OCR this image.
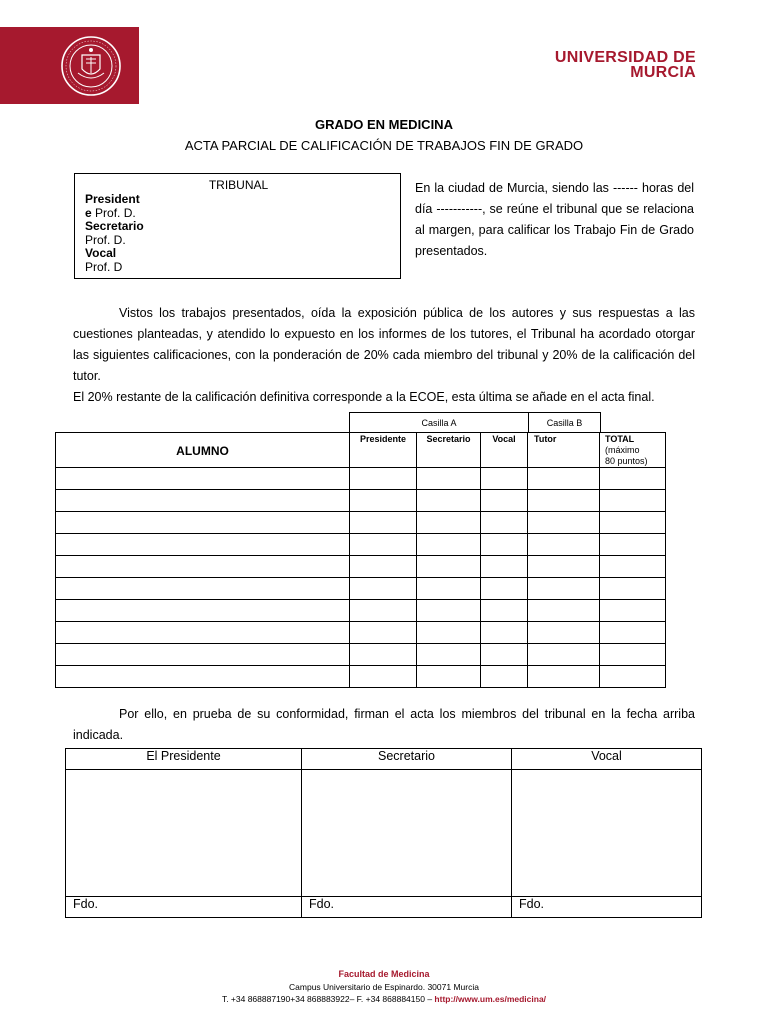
UNIVERSIDAD DE
MURCIA
GRADO EN MEDICINA
ACTA PARCIAL DE CALIFICACIÓN DE TRABAJOS FIN DE GRADO
TRIBUNAL
President
e Prof. D.
Secretario
Prof. D.
Vocal
Prof. D
En la ciudad de Murcia, siendo las ------ horas del día -----------, se reúne el tribunal que se relaciona al margen, para calificar los Trabajo Fin de Grado presentados.
Vistos los trabajos presentados, oída la exposición pública de los autores y sus respuestas a las cuestiones planteadas, y atendido lo expuesto en los informes de los tutores, el Tribunal ha acordado otorgar las siguientes calificaciones, con la ponderación de 20% cada miembro del tribunal y 20% de la calificación del tutor.
El 20% restante de la calificación definitiva corresponde a la ECOE, esta última se añade en el acta final.
Casilla A	Casilla B
ALUMNO	Presidente	Secretario	Vocal	Tutor	TOTAL
(máximo
80 puntos)

Por ello, en prueba de su conformidad, firman el acta los miembros del tribunal en la fecha arriba indicada.
El Presidente	Secretario	Vocal

Fdo.	Fdo.	Fdo.
Facultad de Medicina
Campus Universitario de Espinardo. 30071 Murcia
T. +34 868887190+34 868883922– F. +34 868884150 – http://www.um.es/medicina/
